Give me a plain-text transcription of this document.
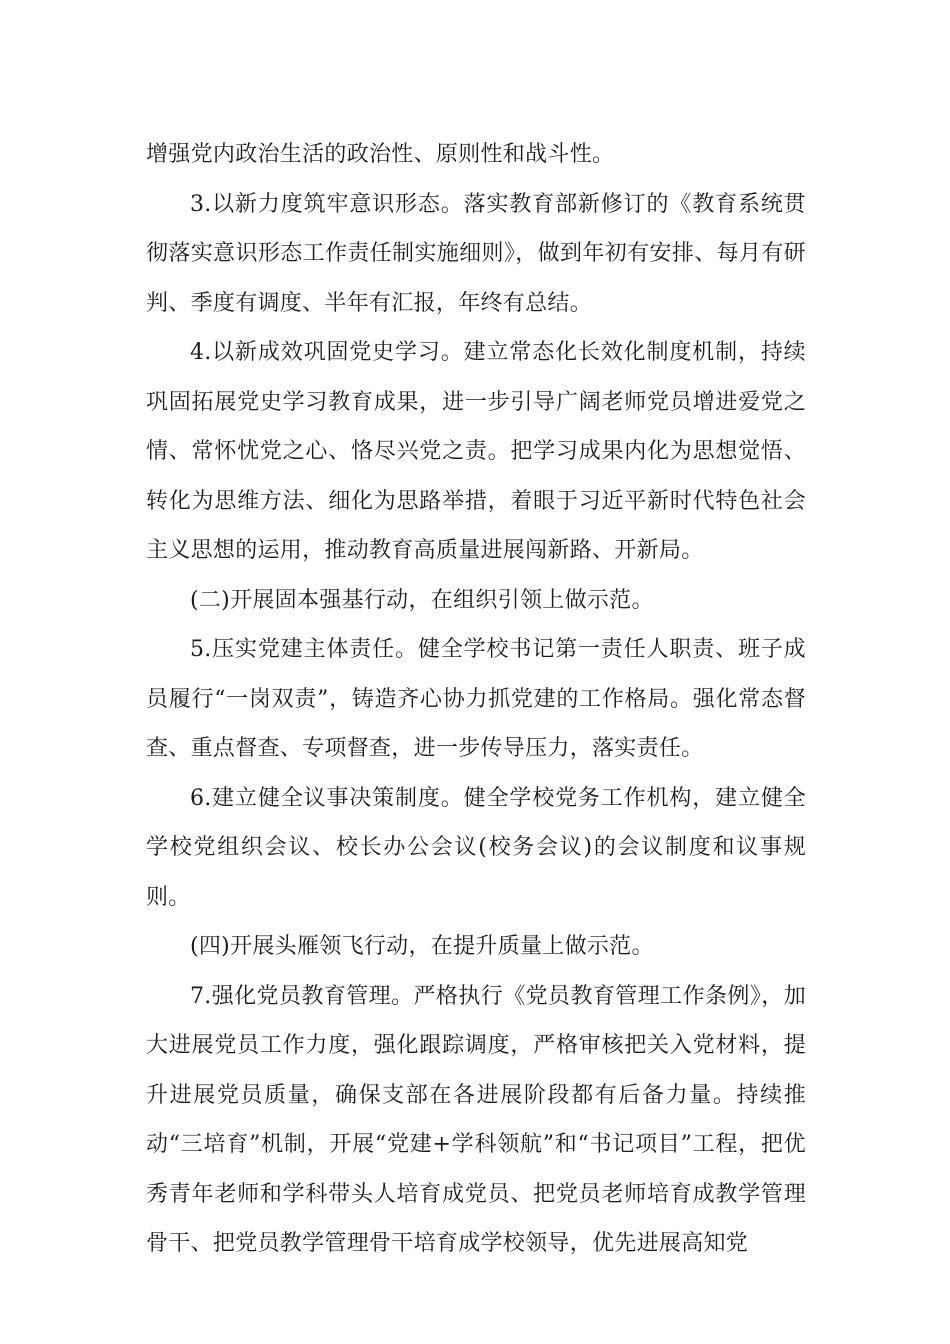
增强党内政治生活的政治性、原则性和战斗性。

3.以新力度筑牢意识形态。落实教育部新修订的《教育系统贯彻落实意识形态工作责任制实施细则》，做到年初有安排、每月有研判、季度有调度、半年有汇报，年终有总结。

4.以新成效巩固党史学习。建立常态化长效化制度机制，持续巩固拓展党史学习教育成果，进一步引导广阔老师党员增进爱党之情、常怀忧党之心、恪尽兴党之责。把学习成果内化为思想觉悟、转化为思维方法、细化为思路举措，着眼于习近平新时代特色社会主义思想的运用，推动教育高质量进展闯新路、开新局。

(二)开展固本强基行动，在组织引领上做示范。

5.压实党建主体责任。健全学校书记第一责任人职责、班子成员履行“一岗双责”，铸造齐心协力抓党建的工作格局。强化常态督查、重点督查、专项督查，进一步传导压力，落实责任。

6.建立健全议事决策制度。健全学校党务工作机构，建立健全学校党组织会议、校长办公会议(校务会议)的会议制度和议事规则。

(四)开展头雁领飞行动，在提升质量上做示范。

7.强化党员教育管理。严格执行《党员教育管理工作条例》，加大进展党员工作力度，强化跟踪调度，严格审核把关入党材料，提升进展党员质量，确保支部在各进展阶段都有后备力量。持续推动“三培育”机制，开展“党建+学科领航”和“书记项目”工程，把优秀青年老师和学科带头人培育成党员、把党员老师培育成教学管理骨干、把党员教学管理骨干培育成学校领导，优先进展高知党
